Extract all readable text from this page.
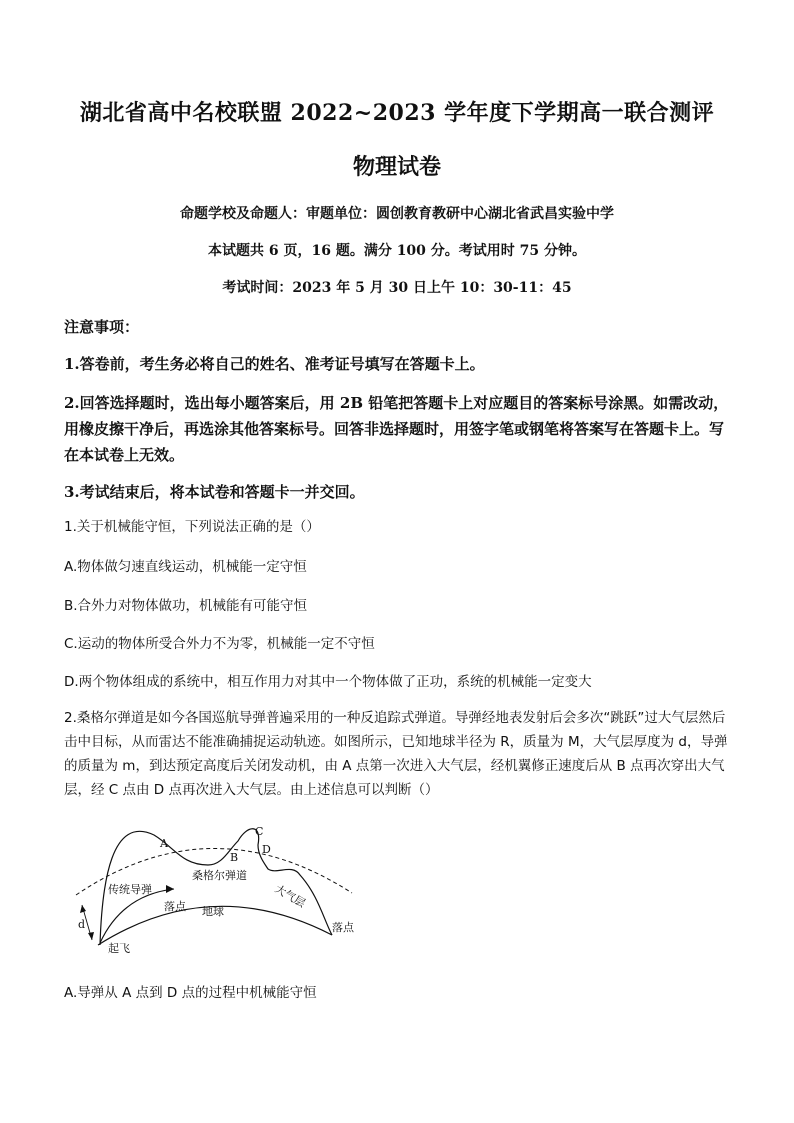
湖北省高中名校联盟 2022~2023 学年度下学期高一联合测评
物理试卷
命题学校及命题人：审题单位：圆创教育教研中心湖北省武昌实验中学
本试题共 6 页，16 题。满分 100 分。考试用时 75 分钟。
考试时间：2023 年 5 月 30 日上午 10：30-11：45
注意事项：
1.答卷前，考生务必将自己的姓名、准考证号填写在答题卡上。
2.回答选择题时，选出每小题答案后，用 2B 铅笔把答题卡上对应题目的答案标号涂黑。如需改动，用橡皮擦干净后，再选涂其他答案标号。回答非选择题时，用签字笔或钢笔将答案写在答题卡上。写在本试卷上无效。
3.考试结束后，将本试卷和答题卡一并交回。
1.关于机械能守恒，下列说法正确的是（）
A.物体做匀速直线运动，机械能一定守恒
B.合外力对物体做功，机械能有可能守恒
C.运动的物体所受合外力不为零，机械能一定不守恒
D.两个物体组成的系统中，相互作用力对其中一个物体做了正功，系统的机械能一定变大
2.桑格尔弹道是如今各国巡航导弹普遍采用的一种反追踪式弹道。导弹经地表发射后会多次“跳跃”过大气层然后击中目标，从而雷达不能准确捕捉运动轨迹。如图所示，已知地球半径为 R，质量为 M，大气层厚度为 d，导弹的质量为 m，到达预定高度后关闭发动机，由 A 点第一次进入大气层，经机翼修正速度后从 B 点再次穿出大气层，经 C 点由 D 点再次进入大气层。由上述信息可以判断（）
A
B
C
D
桑格尔弹道
传统导弹	大气层
落点 地球
落点
起飞
d
A.导弹从 A 点到 D 点的过程中机械能守恒
